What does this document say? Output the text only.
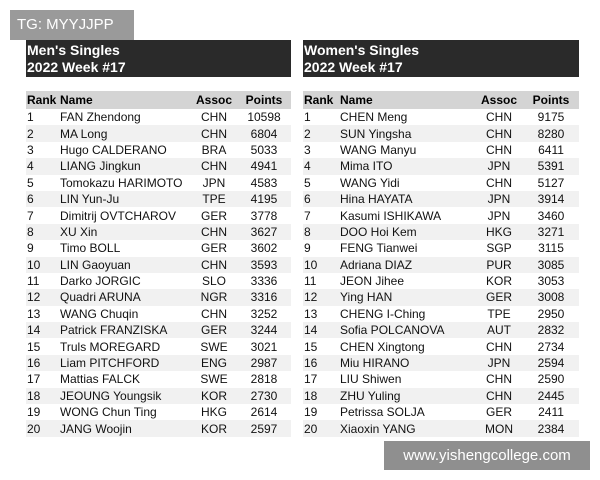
TG: MYYJJPP
Men's Singles
2022 Week #17
Rank	Name	Assoc	Points
1	FAN Zhendong	CHN	10598
2	MA Long	CHN	6804
3	Hugo CALDERANO	BRA	5033
4	LIANG Jingkun	CHN	4941
5	Tomokazu HARIMOTO	JPN	4583
6	LIN Yun-Ju	TPE	4195
7	Dimitrij OVTCHAROV	GER	3778
8	XU Xin	CHN	3627
9	Timo BOLL	GER	3602
10	LIN Gaoyuan	CHN	3593
11	Darko JORGIC	SLO	3336
12	Quadri ARUNA	NGR	3316
13	WANG Chuqin	CHN	3252
14	Patrick FRANZISKA	GER	3244
15	Truls MOREGARD	SWE	3021
16	Liam PITCHFORD	ENG	2987
17	Mattias FALCK	SWE	2818
18	JEOUNG Youngsik	KOR	2730
19	WONG Chun Ting	HKG	2614
20	JANG Woojin	KOR	2597
Women's Singles
2022 Week #17
Rank	Name	Assoc	Points
1	CHEN Meng	CHN	9175
2	SUN Yingsha	CHN	8280
3	WANG Manyu	CHN	6411
4	Mima ITO	JPN	5391
5	WANG Yidi	CHN	5127
6	Hina HAYATA	JPN	3914
7	Kasumi ISHIKAWA	JPN	3460
8	DOO Hoi Kem	HKG	3271
9	FENG Tianwei	SGP	3115
10	Adriana DIAZ	PUR	3085
11	JEON Jihee	KOR	3053
12	Ying HAN	GER	3008
13	CHENG I-Ching	TPE	2950
14	Sofia POLCANOVA	AUT	2832
15	CHEN Xingtong	CHN	2734
16	Miu HIRANO	JPN	2594
17	LIU Shiwen	CHN	2590
18	ZHU Yuling	CHN	2445
19	Petrissa SOLJA	GER	2411
20	Xiaoxin YANG	MON	2384
www.yishengcollege.com
